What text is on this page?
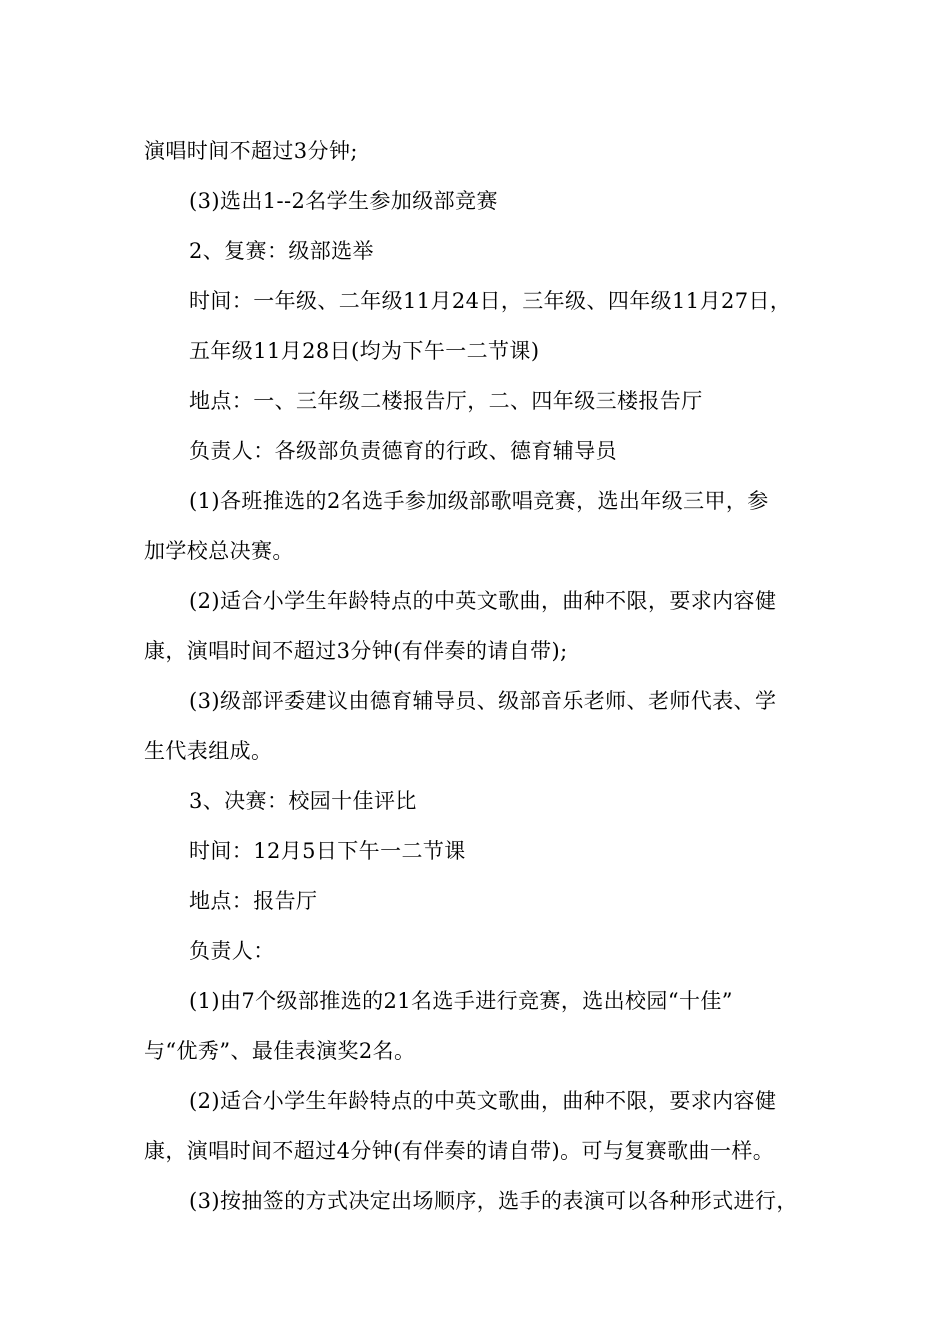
演唱时间不超过3分钟;
(3)选出1--2名学生参加级部竞赛
2、复赛：级部选举
时间：一年级、二年级11月24日，三年级、四年级11月27日，
五年级11月28日(均为下午一二节课)
地点：一、三年级二楼报告厅，二、四年级三楼报告厅
负责人：各级部负责德育的行政、德育辅导员
(1)各班推选的2名选手参加级部歌唱竞赛，选出年级三甲，参
加学校总决赛。
(2)适合小学生年龄特点的中英文歌曲，曲种不限，要求内容健
康，演唱时间不超过3分钟(有伴奏的请自带);
(3)级部评委建议由德育辅导员、级部音乐老师、老师代表、学
生代表组成。
3、决赛：校园十佳评比
时间：12月5日下午一二节课
地点：报告厅
负责人：
(1)由7个级部推选的21名选手进行竞赛，选出校园“十佳”
与“优秀”、最佳表演奖2名。
(2)适合小学生年龄特点的中英文歌曲，曲种不限，要求内容健
康，演唱时间不超过4分钟(有伴奏的请自带)。可与复赛歌曲一样。
(3)按抽签的方式决定出场顺序，选手的表演可以各种形式进行，
